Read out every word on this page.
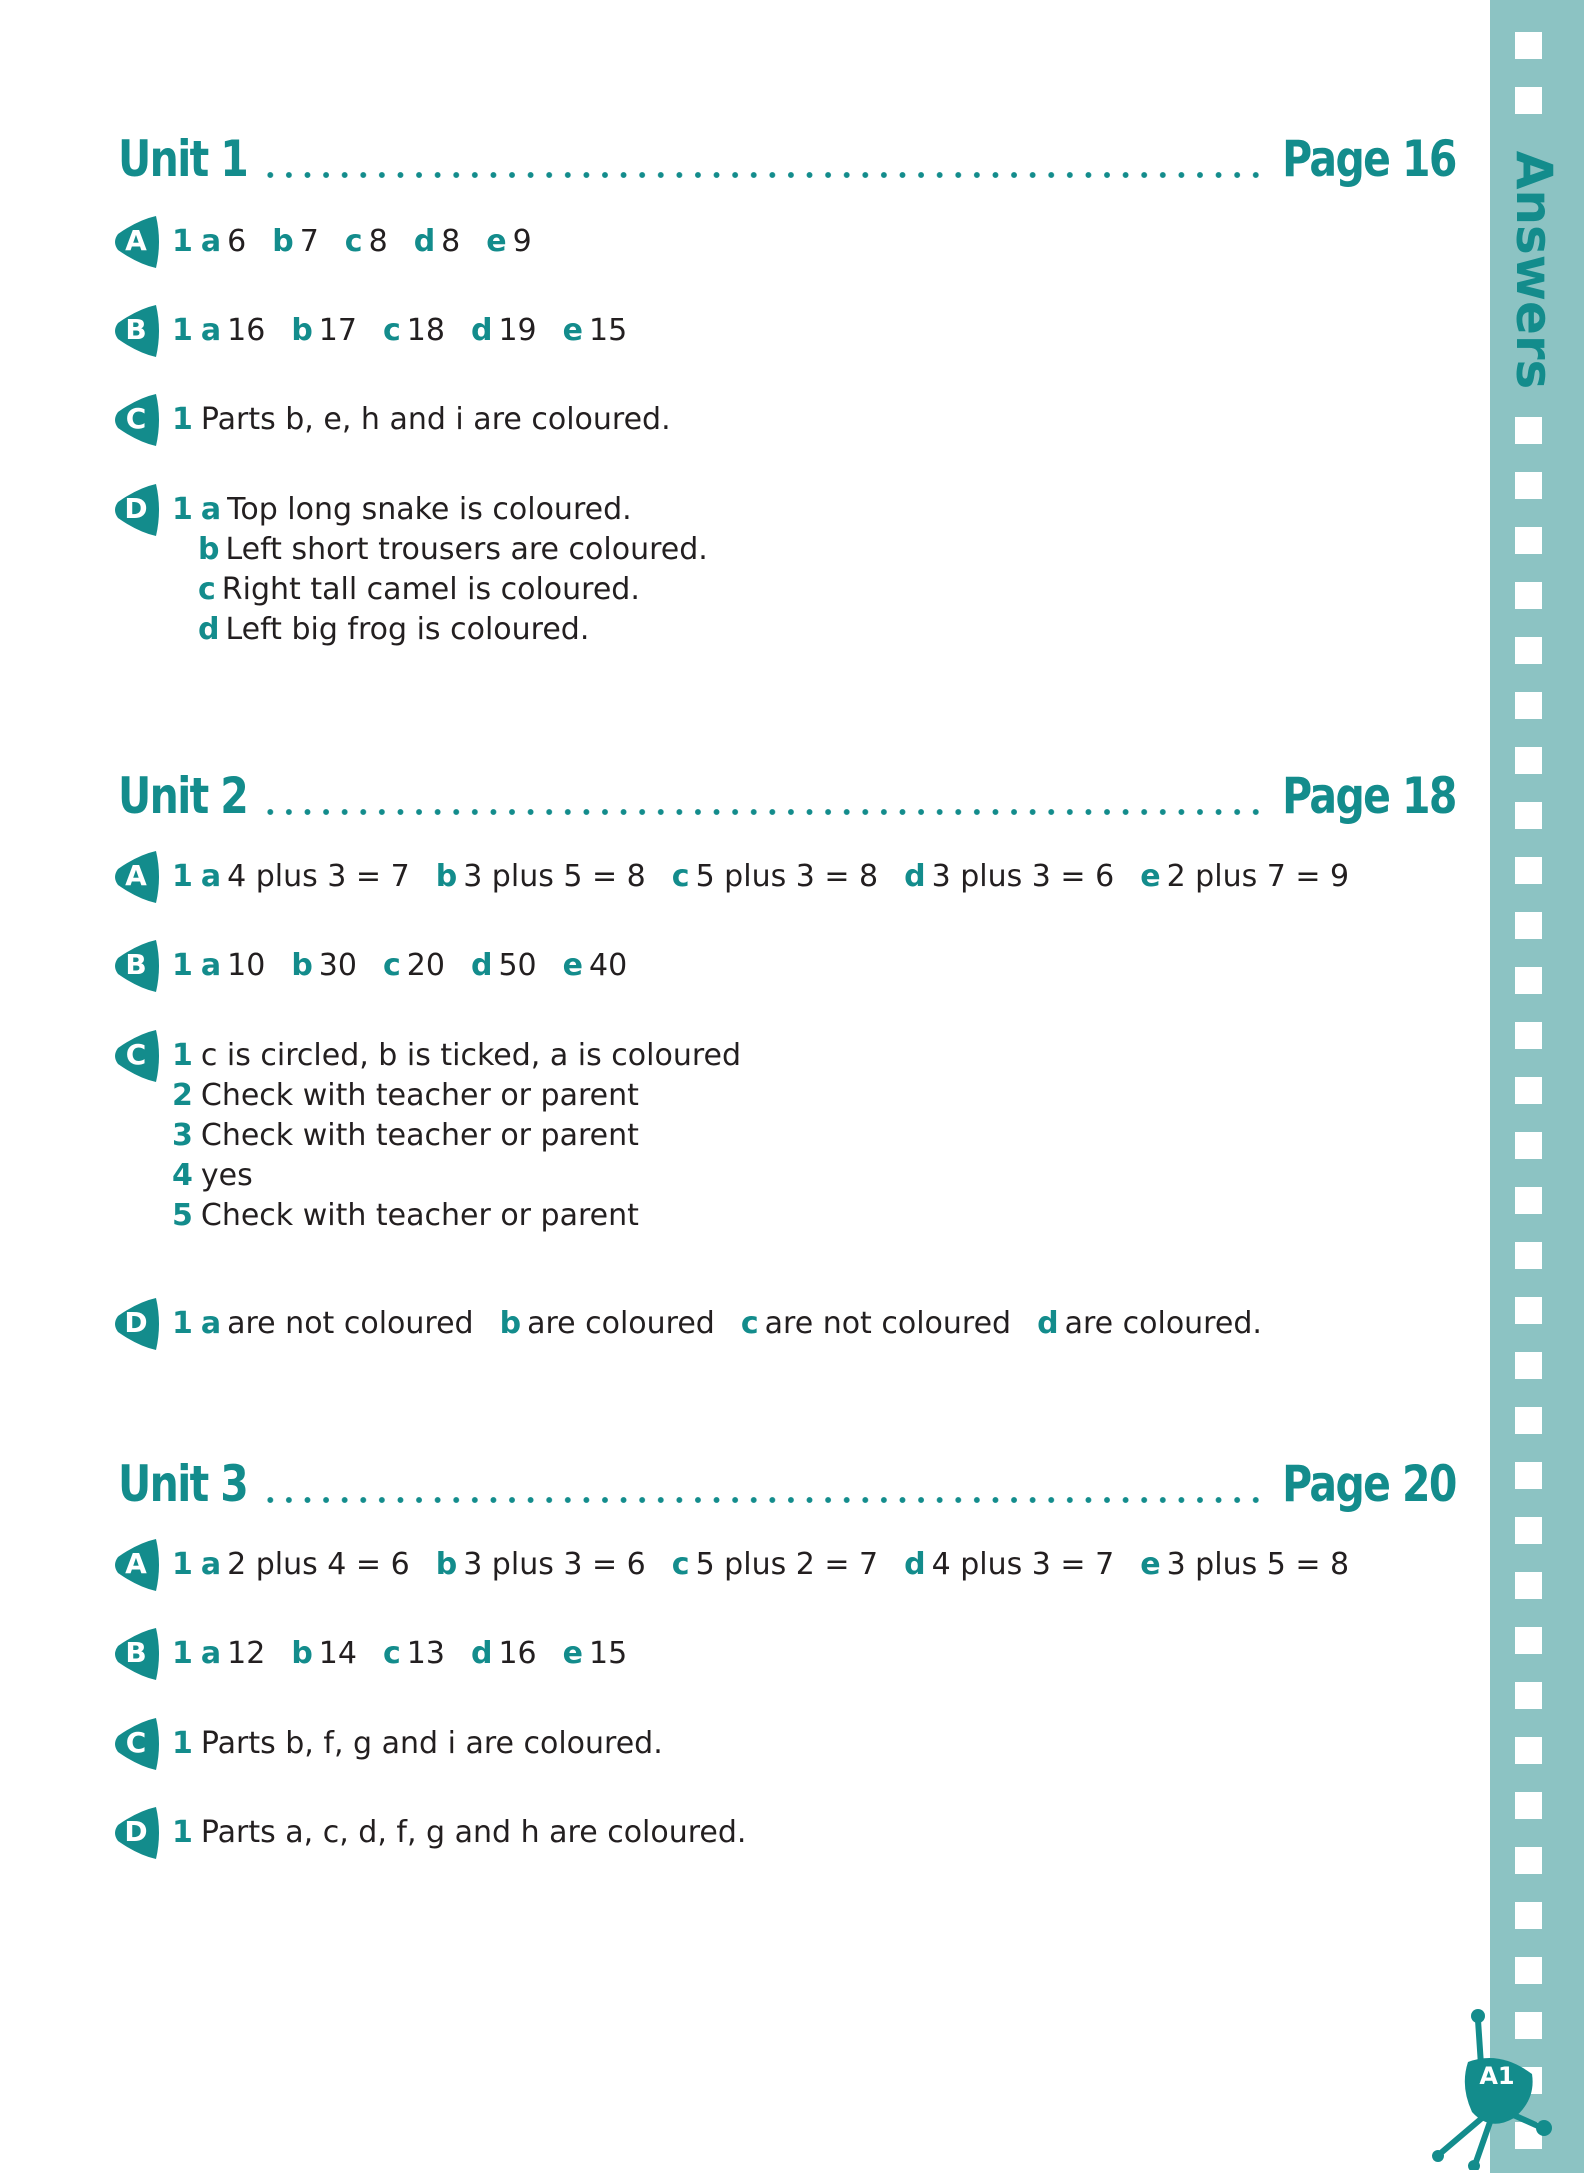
Unit 1	Page 16
A 1 a 6 b 7 c 8 d 8 e 9
B 1 a 16 b 17 c 18 d 19 e 15
C 1 Parts b, e, h and i are coloured.
D 1 a Top long snake is coloured.
b Left short trousers are coloured.
c Right tall camel is coloured.
d Left big frog is coloured.
Unit 2	Page 18
A 1 a 4 plus 3 = 7 b 3 plus 5 = 8 c 5 plus 3 = 8 d 3 plus 3 = 6 e 2 plus 7 = 9
B 1 a 10 b 30 c 20 d 50 e 40
C 1 c is circled, b is ticked, a is coloured
2 Check with teacher or parent
3 Check with teacher or parent
4 yes
5 Check with teacher or parent
D 1 a are not coloured b are coloured c are not coloured d are coloured.
Unit 3	Page 20
A 1 a 2 plus 4 = 6 b 3 plus 3 = 6 c 5 plus 2 = 7 d 4 plus 3 = 7 e 3 plus 5 = 8
B 1 a 12 b 14 c 13 d 16 e 15
C 1 Parts b, f, g and i are coloured.
D 1 Parts a, c, d, f, g and h are coloured.
Answers
A1
